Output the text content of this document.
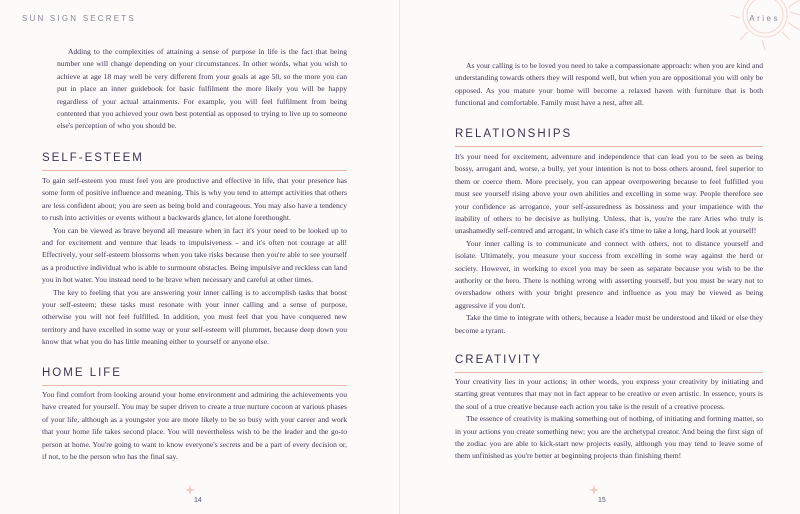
SUN SIGN SECRETS

Adding to the complexities of attaining a sense of purpose in life is the fact that being number one will change depending on your circumstances. In other words, what you wish to achieve at age 18 may well be very different from your goals at age 50, so the more you can put in place an inner guidebook for basic fulfilment the more likely you will be happy regardless of your actual attainments. For example, you will feel fulfilment from being contented that you achieved your own best potential as opposed to trying to live up to someone else's perception of who you should be.

SELF-ESTEEM

To gain self-esteem you must feel you are productive and effective in life, that your presence has some form of positive influence and meaning. This is why you tend to attempt activities that others are less confident about; you are seen as being bold and courageous. You may also have a tendency to rush into activities or events without a backwards glance, let alone forethought.

You can be viewed as brave beyond all measure when in fact it's your need to be looked up to and for excitement and venture that leads to impulsiveness – and it's often not courage at all! Effectively, your self-esteem blossoms when you take risks because then you're able to see yourself as a productive individual who is able to surmount obstacles. Being impulsive and reckless can land you in hot water. You instead need to be brave when necessary and careful at other times.

The key to feeling that you are answering your inner calling is to accomplish tasks that boost your self-esteem; these tasks must resonate with your inner calling and a sense of purpose, otherwise you will not feel fulfilled. In addition, you must feel that you have conquered new territory and have excelled in some way or your self-esteem will plummet, because deep down you know that what you do has little meaning either to yourself or anyone else.

HOME LIFE

You find comfort from looking around your home environment and admiring the achievements you have created for yourself. You may be super driven to create a true nurture cocoon at various phases of your life, although as a youngster you are more likely to be so busy with your career and work that your home life takes second place. You will nevertheless wish to be the leader and the go-to person at home. You're going to want to know everyone's secrets and be a part of every decision or, if not, to be the person who has the final say.

14
Aries

As your calling is to be loved you need to take a compassionate approach: when you are kind and understanding towards others they will respond well, but when you are oppositional you will only be opposed. As you mature your home will become a relaxed haven with furniture that is both functional and comfortable. Family must have a nest, after all.

RELATIONSHIPS

It's your need for excitement, adventure and independence that can lead you to be seen as being bossy, arrogant and, worse, a bully, yet your intention is not to boss others around, feel superior to them or coerce them. More precisely, you can appear overpowering because to feel fulfilled you must see yourself rising above your own abilities and excelling in some way. People therefore see your confidence as arrogance, your self-assuredness as bossiness and your impatience with the inability of others to be decisive as bullying. Unless, that is, you're the rare Aries who truly is unashamedly self-centred and arrogant, in which case it's time to take a long, hard look at yourself!

Your inner calling is to communicate and connect with others, not to distance yourself and isolate. Ultimately, you measure your success from excelling in some way against the herd or society. However, in working to excel you may be seen as separate because you wish to be the authority or the hero. There is nothing wrong with asserting yourself, but you must be wary not to overshadow others with your bright presence and influence as you may be viewed as being aggressive if you don't.

Take the time to integrate with others, because a leader must be understood and liked or else they become a tyrant.

CREATIVITY

Your creativity lies in your actions; in other words, you express your creativity by initiating and starting great ventures that may not in fact appear to be creative or even artistic. In essence, yours is the soul of a true creative because each action you take is the result of a creative process.

The essence of creativity is making something out of nothing, of initiating and forming matter, so in your actions you create something new; you are the archetypal creator. And being the first sign of the zodiac you are able to kick-start new projects easily, although you may tend to leave some of them unfinished as you're better at beginning projects than finishing them!

15
